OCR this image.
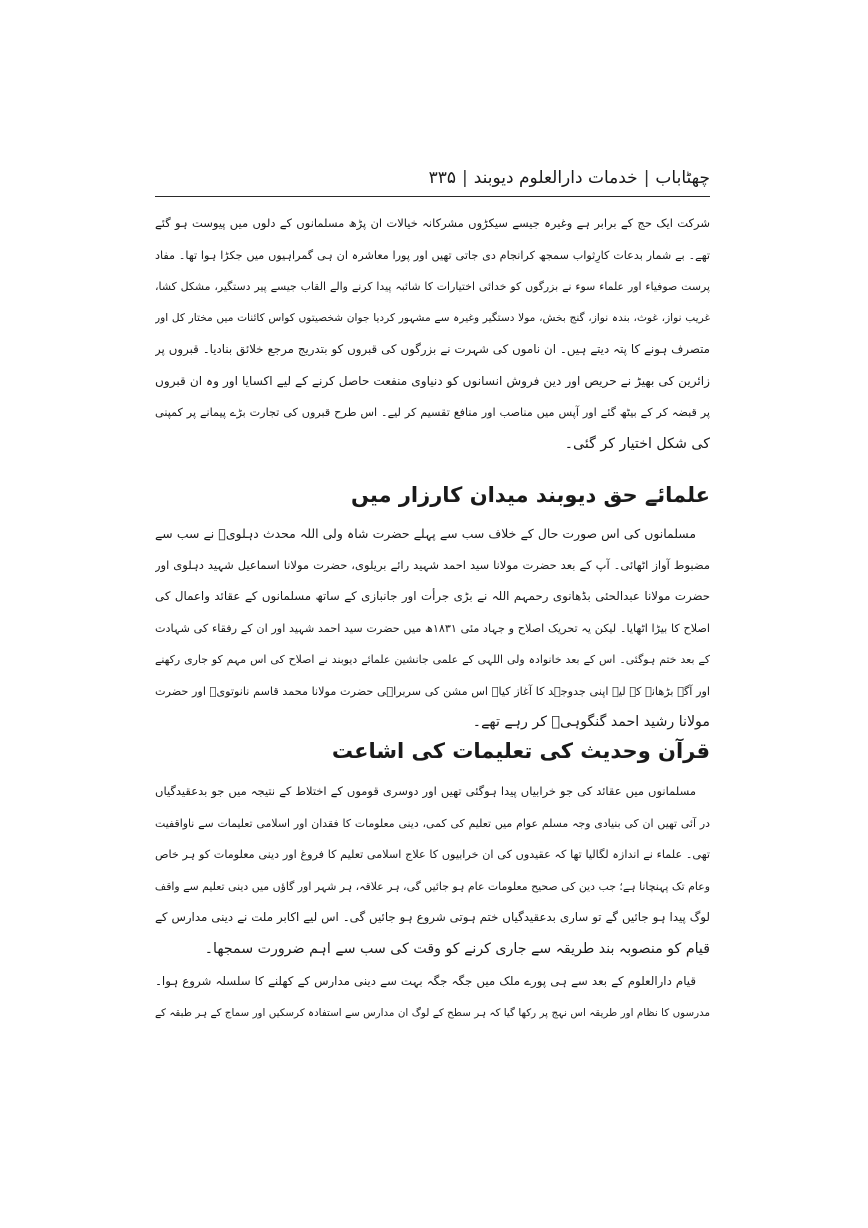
چھٹاباب
|
خدمات دارالعلوم دیوبند
|
۳۳۵

شرکت ایک حج کے برابر ہے وغیرہ جیسے سیکڑوں مشرکانہ خیالات ان پڑھ مسلمانوں کے دلوں میں پیوست ہو گئے
تھے۔ بے شمار بدعات کارِثواب سمجھ کرانجام دی جاتی تھیں اور پورا معاشرہ ان ہی گمراہیوں میں جکڑا ہوا تھا۔ مفاد
پرست صوفیاء اور علماء سوء نے بزرگوں کو خدائی اختیارات کا شائبہ پیدا کرنے والے القاب جیسے پیر دستگیر، مشکل کشا،
غریب نواز، غوث، بندہ نواز، گنج بخش، مولا دستگیر وغیرہ سے مشہور کردیا جوان شخصیتوں کواس کائنات میں مختار کل اور
متصرف ہونے کا پتہ دیتے ہیں۔ ان ناموں کی شہرت نے بزرگوں کی قبروں کو بتدریج مرجع خلائق بنادیا۔ قبروں پر
زائرین کی بھیڑ نے حریص اور دین فروش انسانوں کو دنیاوی منفعت حاصل کرنے کے لیے اکسایا اور وہ ان قبروں
پر قبضہ کر کے بیٹھ گئے اور آپس میں مناصب اور منافع تقسیم کر لیے۔ اس طرح قبروں کی تجارت بڑے پیمانے پر کمپنی
کی شکل اختیار کر گئی۔

علمائے حق دیوبند میدان کارزار میں

مسلمانوں کی اس صورت حال کے خلاف سب سے پہلے حضرت شاہ ولی اللہ محدث دہلویؒ نے سب سے
مضبوط آواز اٹھائی۔ آپ کے بعد حضرت مولانا سید احمد شہید رائے بریلوی، حضرت مولانا اسماعیل شہید دہلوی اور
حضرت مولانا عبدالحئی بڈھانوی رحمہم اللہ نے بڑی جرأت اور جانبازی کے ساتھ مسلمانوں کے عقائد واعمال کی
اصلاح کا بیڑا اٹھایا۔ لیکن یہ تحریک اصلاح و جہاد مئی ۱۸۳۱ھ میں حضرت سید احمد شہید اور ان کے رفقاء کی شہادت
کے بعد ختم ہوگئی۔ اس کے بعد خانوادہ ولی اللہی کے علمی جانشین علمائے دیوبند نے اصلاح کی اس مہم کو جاری رکھنے
اور آگے بڑھانے کے لیے اپنی جدوجہد کا آغاز کیا۔ اس مشن کی سربراہی حضرت مولانا محمد قاسم نانوتویؒ اور حضرت
مولانا رشید احمد گنگوہیؒ کر رہے تھے۔

قرآن وحدیث کی تعلیمات کی اشاعت

مسلمانوں میں عقائد کی جو خرابیاں پیدا ہوگئی تھیں اور دوسری قوموں کے اختلاط کے نتیجہ میں جو بدعقیدگیاں
در آئی تھیں ان کی بنیادی وجہ مسلم عوام میں تعلیم کی کمی، دینی معلومات کا فقدان اور اسلامی تعلیمات سے ناواقفیت
تھی۔ علماء نے اندازہ لگالیا تھا کہ عقیدوں کی ان خرابیوں کا علاج اسلامی تعلیم کا فروغ اور دینی معلومات کو ہر خاص
وعام تک پہنچانا ہے؛ جب دین کی صحیح معلومات عام ہو جائیں گی، ہر علاقہ، ہر شہر اور گاؤں میں دینی تعلیم سے واقف
لوگ پیدا ہو جائیں گے تو ساری بدعقیدگیاں ختم ہوتی شروع ہو جائیں گی۔ اس لیے اکابر ملت نے دینی مدارس کے
قیام کو منصوبہ بند طریقہ سے جاری کرنے کو وقت کی سب سے اہم ضرورت سمجھا۔

قیام دارالعلوم کے بعد سے ہی پورے ملک میں جگہ جگہ بہت سے دینی مدارس کے کھلنے کا سلسلہ شروع ہوا۔
مدرسوں کا نظام اور طریقہ اس نہج پر رکھا گیا کہ ہر سطح کے لوگ ان مدارس سے استفادہ کرسکیں اور سماج کے ہر طبقہ کے
